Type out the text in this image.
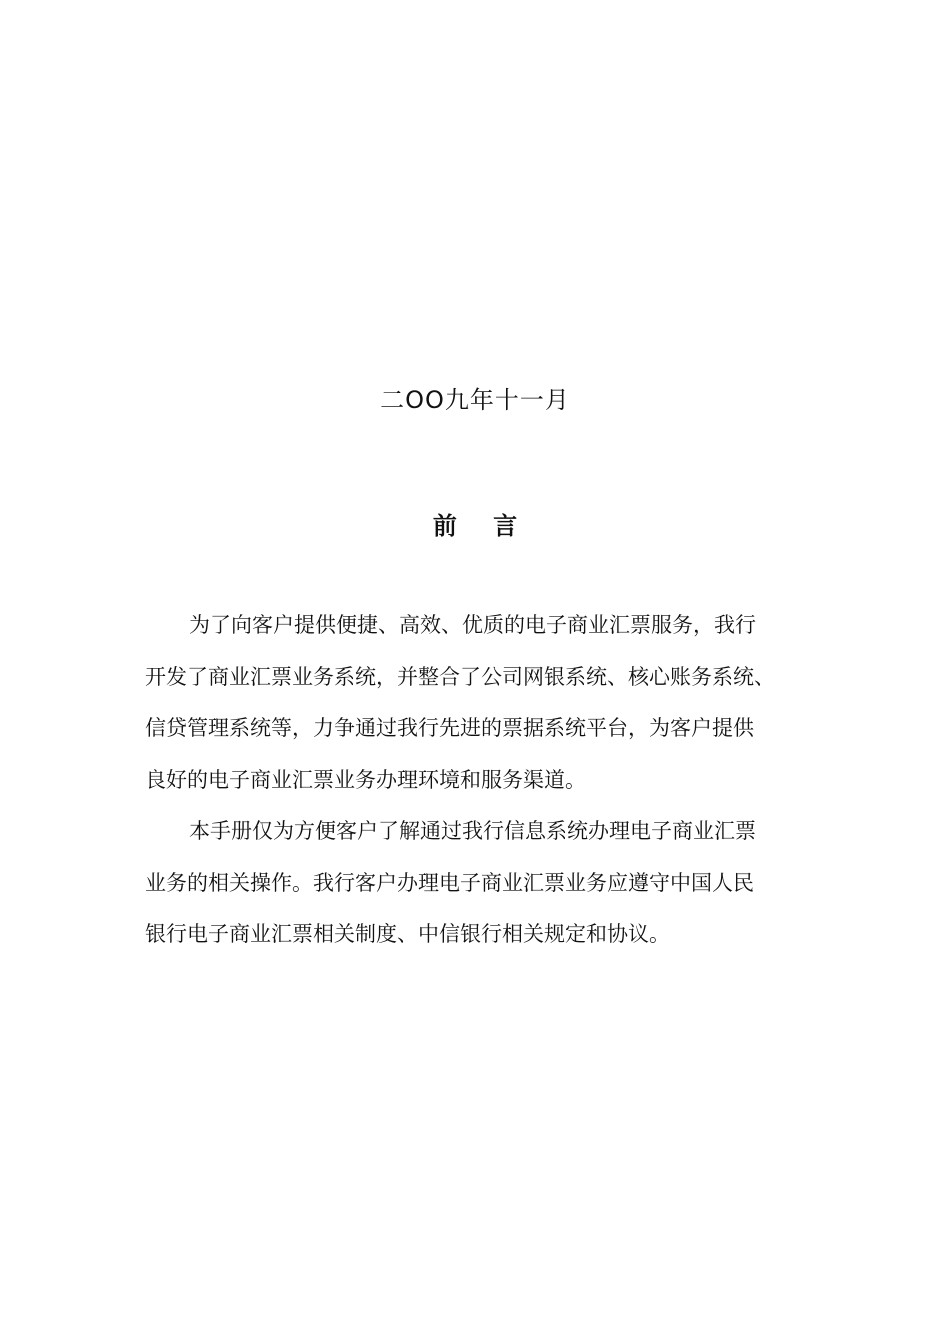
二OO九年十一月
前 言

为了向客户提供便捷、高效、优质的电子商业汇票服务，我行
开发了商业汇票业务系统，并整合了公司网银系统、核心账务系统、
信贷管理系统等，力争通过我行先进的票据系统平台，为客户提供
良好的电子商业汇票业务办理环境和服务渠道。

本手册仅为方便客户了解通过我行信息系统办理电子商业汇票
业务的相关操作。我行客户办理电子商业汇票业务应遵守中国人民
银行电子商业汇票相关制度、中信银行相关规定和协议。
